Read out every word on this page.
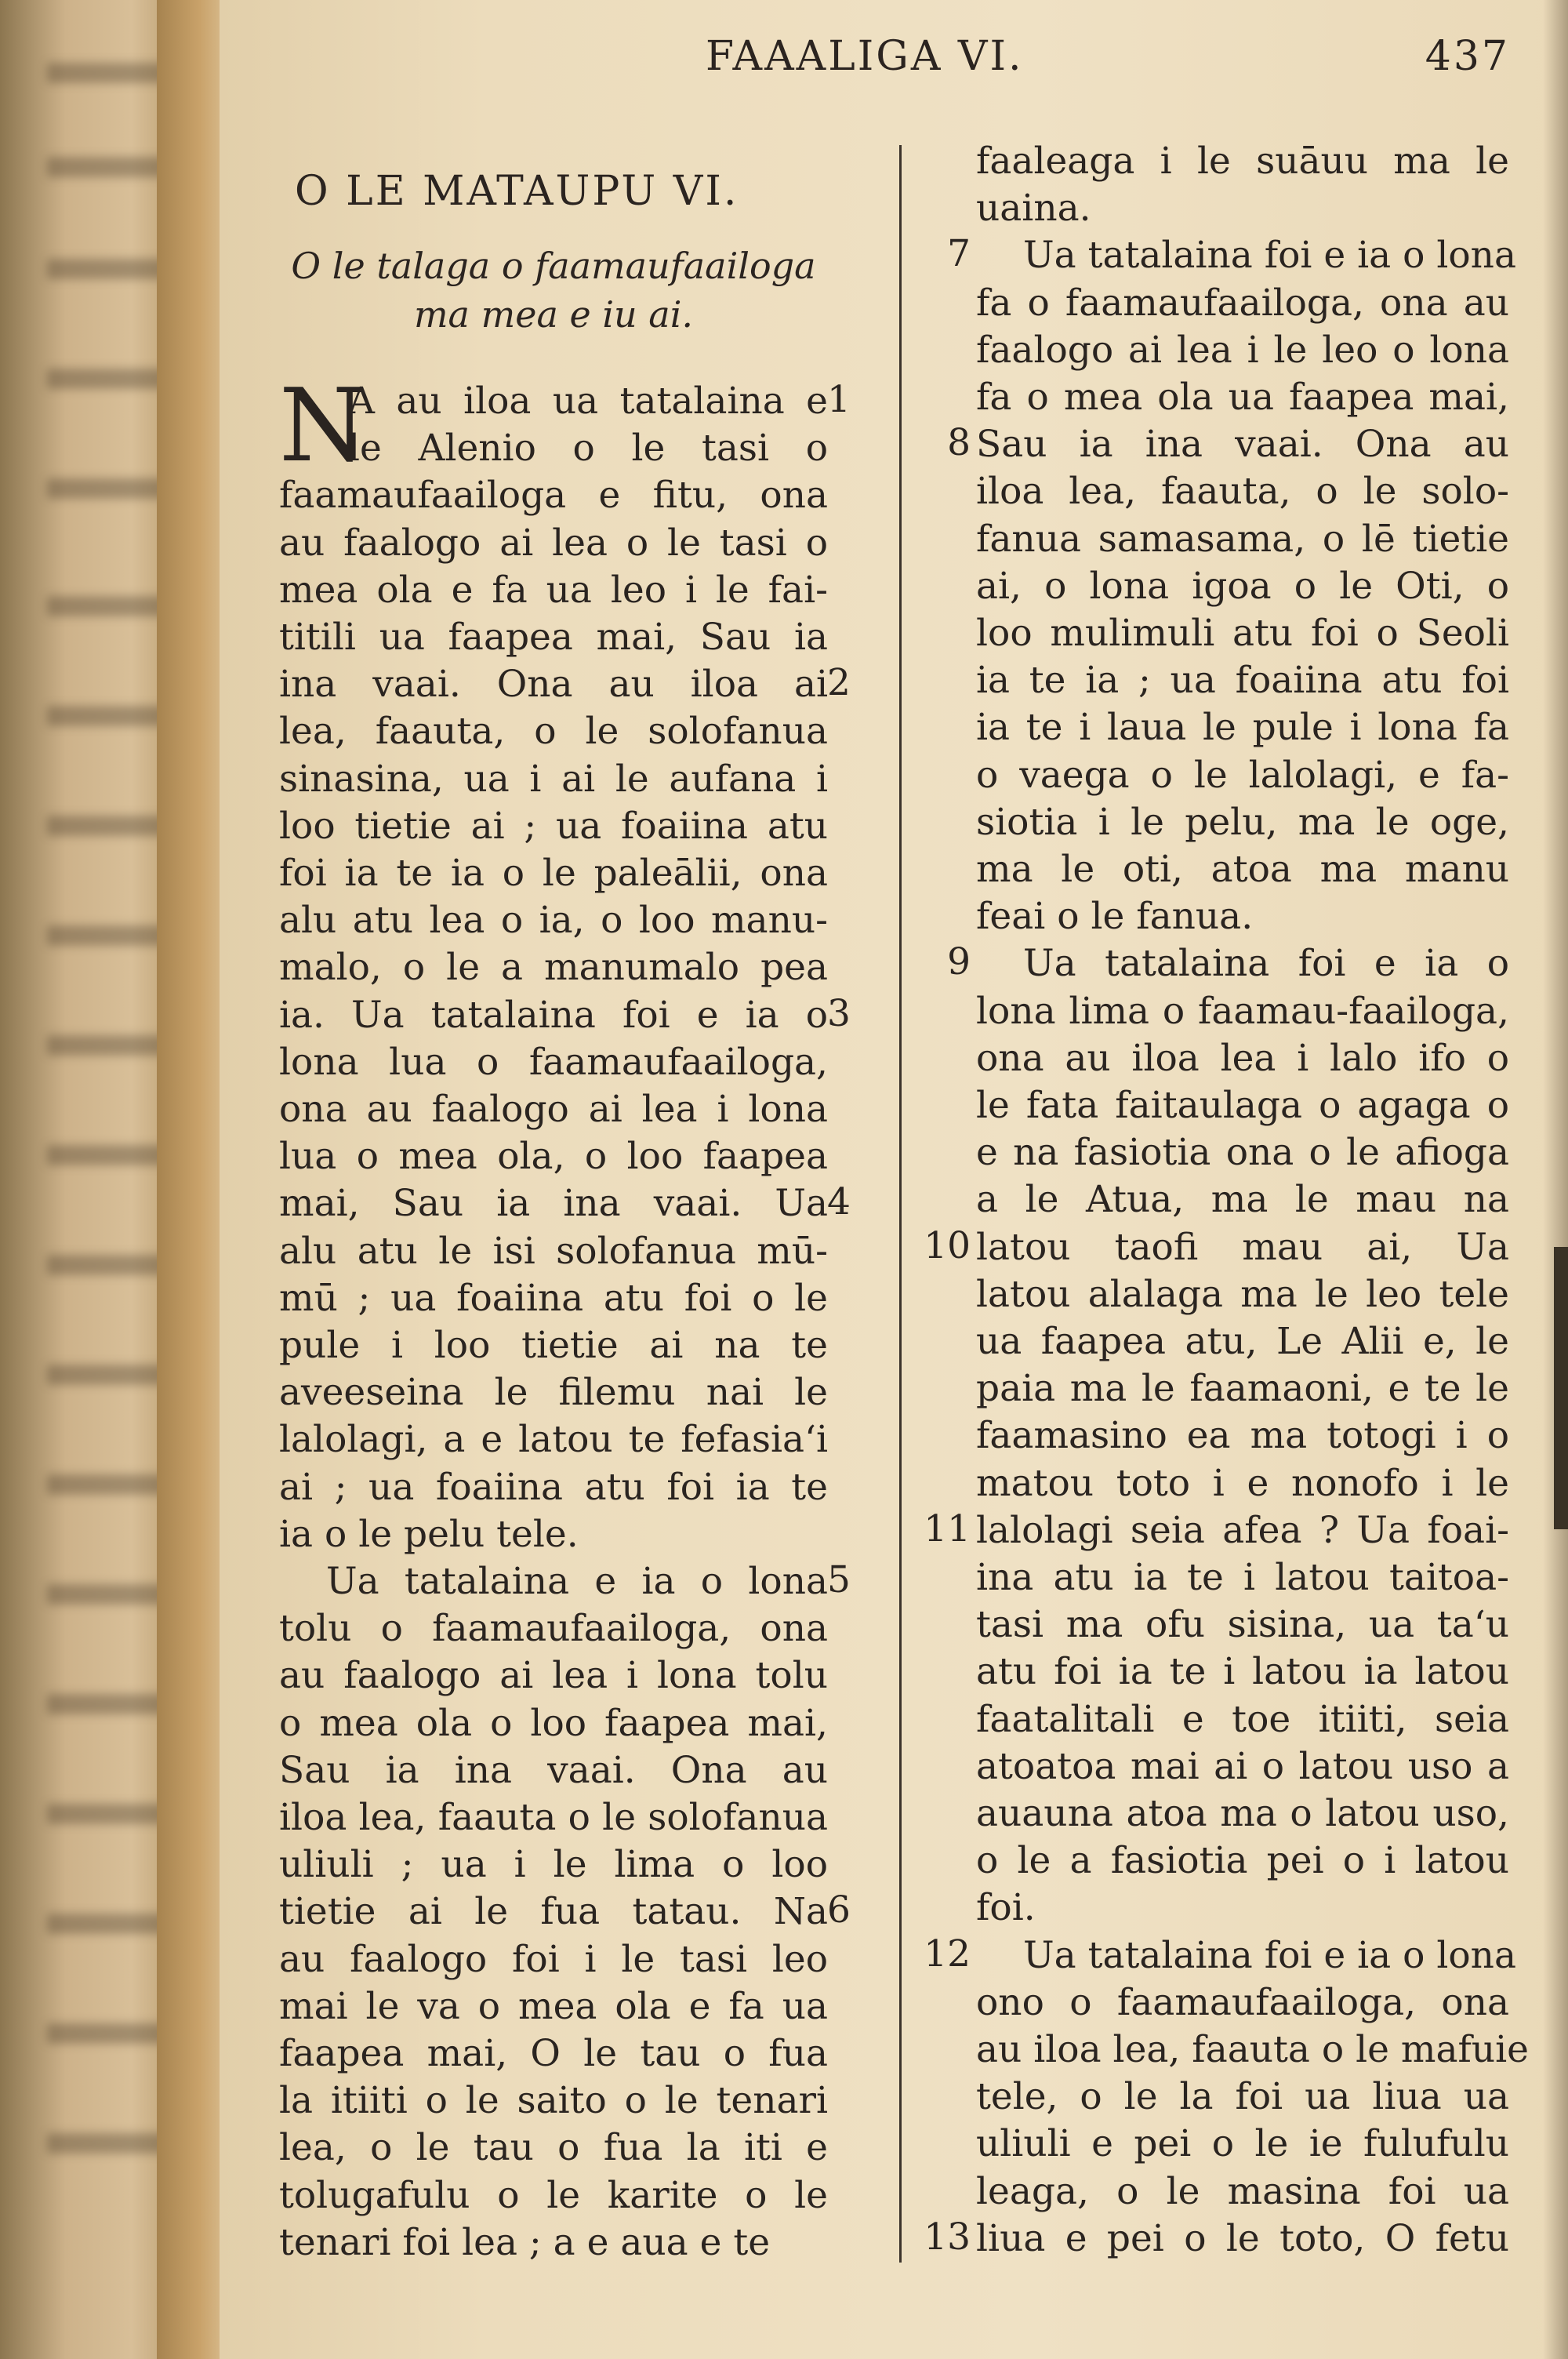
FAAALIGA VI.	437
O LE MATAUPU VI.
O le talaga o faamaufaailoga
ma mea e iu ai.
N
A au iloa ua tatalaina e
le Alenio o le tasi o
faamaufaailoga e fitu, ona
au faalogo ai lea o le tasi o
mea ola e fa ua leo i le fai-
titili ua faapea mai, Sau ia
ina vaai. Ona au iloa ai
lea, faauta, o le solofanua
sinasina, ua i ai le aufana i
loo tietie ai ; ua foaiina atu
foi ia te ia o le paleālii, ona
alu atu lea o ia, o loo manu-
malo, o le a manumalo pea
ia. Ua tatalaina foi e ia o
lona lua o faamaufaailoga,
ona au faalogo ai lea i lona
lua o mea ola, o loo faapea
mai, Sau ia ina vaai. Ua
alu atu le isi solofanua mū-
mū ; ua foaiina atu foi o le
pule i loo tietie ai na te
aveeseina le filemu nai le
lalolagi, a e latou te fefasia‘i
ai ; ua foaiina atu foi ia te
ia o le pelu tele.
Ua tatalaina e ia o lona
tolu o faamaufaailoga, ona
au faalogo ai lea i lona tolu
o mea ola o loo faapea mai,
Sau ia ina vaai. Ona au
iloa lea, faauta o le solofanua
uliuli ; ua i le lima o loo
tietie ai le fua tatau. Na
au faalogo foi i le tasi leo
mai le va o mea ola e fa ua
faapea mai, O le tau o fua
la itiiti o le saito o le tenari
lea, o le tau o fua la iti e
tolugafulu o le karite o le
tenari foi lea ; a e aua e te
faaleaga i le suāuu ma le
uaina.
Ua tatalaina foi e ia o lona
fa o faamaufaailoga, ona au
faalogo ai lea i le leo o lona
fa o mea ola ua faapea mai,
Sau ia ina vaai. Ona au
iloa lea, faauta, o le solo-
fanua samasama, o lē tietie
ai, o lona igoa o le Oti, o
loo mulimuli atu foi o Seoli
ia te ia ; ua foaiina atu foi
ia te i laua le pule i lona fa
o vaega o le lalolagi, e fa-
siotia i le pelu, ma le oge,
ma le oti, atoa ma manu
feai o le fanua.
Ua tatalaina foi e ia o
lona lima o faamau-faailoga,
ona au iloa lea i lalo ifo o
le fata faitaulaga o agaga o
e na fasiotia ona o le afioga
a le Atua, ma le mau na
latou taofi mau ai, Ua
latou alalaga ma le leo tele
ua faapea atu, Le Alii e, le
paia ma le faamaoni, e te le
faamasino ea ma totogi i o
matou toto i e nonofo i le
lalolagi seia afea ? Ua foai-
ina atu ia te i latou taitoa-
tasi ma ofu sisina, ua ta‘u
atu foi ia te i latou ia latou
faatalitali e toe itiiti, seia
atoatoa mai ai o latou uso a
auauna atoa ma o latou uso,
o le a fasiotia pei o i latou
foi.
Ua tatalaina foi e ia o lona
ono o faamaufaailoga, ona
au iloa lea, faauta o le mafuie
tele, o le la foi ua liua ua
uliuli e pei o le ie fulufulu
leaga, o le masina foi ua
liua e pei o le toto, O fetu
1
2
3
4
5
6
7
8
9
10
11
12
13
